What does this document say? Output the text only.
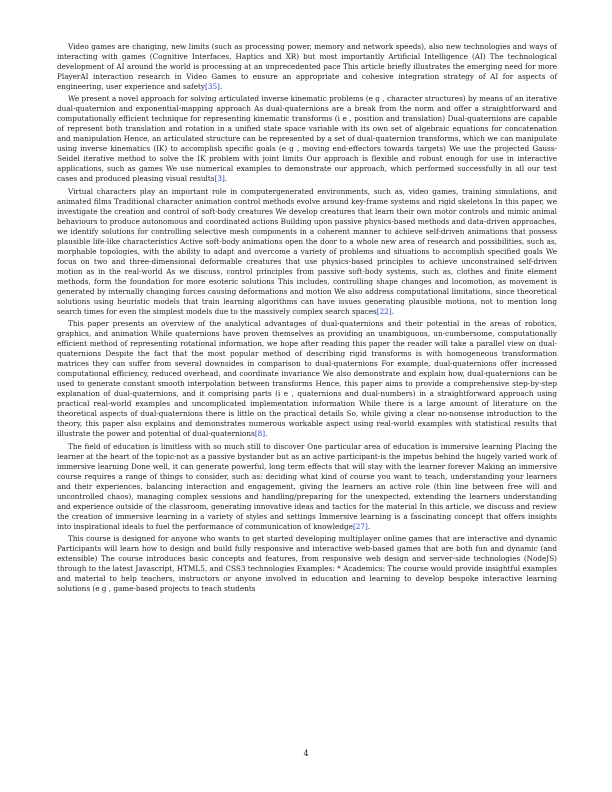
Video games are changing, new limits (such as processing power, memory and network speeds), also new technologies and ways of interacting with games (Cognitive Interfaces, Haptics and XR) but most importantly Artificial Intelligence (AI) The technological development of AI around the world is processing at an unprecedented pace This article briefly illustrates the emerging need for more PlayerAI interaction research in Video Games to ensure an appropriate and cohesive integration strategy of AI for aspects of engineering, user experience and safety[35].

We present a novel approach for solving articulated inverse kinematic problems (e g , character structures) by means of an iterative dual-quaternion and exponential-mapping approach As dual-quaternions are a break from the norm and offer a straightforward and computationally efficient technique for representing kinematic transforms (i e , position and translation) Dual-quaternions are capable of represent both translation and rotation in a unified state space variable with its own set of algebraic equations for concatenation and manipulation Hence, an articulated structure can be represented by a set of dual-quaternion transforms, which we can manipulate using inverse kinematics (IK) to accomplish specific goals (e g , moving end-effectors towards targets) We use the projected Gauss-Seidel iterative method to solve the IK problem with joint limits Our approach is flexible and robust enough for use in interactive applications, such as games We use numerical examples to demonstrate our approach, which performed successfully in all our test cases and produced pleasing visual results[3].

Virtual characters play an important role in computergenerated environments, such as, video games, training simulations, and animated films Traditional character animation control methods evolve around key-frame systems and rigid skeletons In this paper, we investigate the creation and control of soft-body creatures We develop creatures that learn their own motor controls and mimic animal behaviours to produce autonomous and coordinated actions Building upon passive physics-based methods and data-driven approaches, we identify solutions for controlling selective mesh components in a coherent manner to achieve self-driven animations that possess plausible life-like characteristics Active soft-body animations open the door to a whole new area of research and possibilities, such as, morphable topologies, with the ability to adapt and overcome a variety of problems and situations to accomplish specified goals We focus on two and three-dimensional deformable creatures that use physics-based principles to achieve unconstrained self-driven motion as in the real-world As we discuss, control principles from passive soft-body systems, such as, clothes and finite element methods, form the foundation for more esoteric solutions This includes, controlling shape changes and locomotion, as movement is generated by internally changing forces causing deformations and motion We also address computational limitations, since theoretical solutions using heuristic models that train learning algorithms can have issues generating plausible motions, not to mention long search times for even the simplest models due to the massively complex search spaces[22].

This paper presents an overview of the analytical advantages of dual-quaternions and their potential in the areas of robotics, graphics, and animation While quaternions have proven themselves as providing an unambiguous, un-cumbersome, computationally efficient method of representing rotational information, we hope after reading this paper the reader will take a parallel view on dual-quaternions Despite the fact that the most popular method of describing rigid transforms is with homogeneous transformation matrices they can suffer from several downsides in comparison to dual-quaternions For example, dual-quaternions offer increased computational efficiency, reduced overhead, and coordinate invariance We also demonstrate and explain how, dual-quaternions can be used to generate constant smooth interpolation between transforms Hence, this paper aims to provide a comprehensive step-by-step explanation of dual-quaternions, and it comprising parts (i e , quaternions and dual-numbers) in a straightforward approach using practical real-world examples and uncomplicated implementation information While there is a large amount of literature on the theoretical aspects of dual-quaternions there is little on the practical details So, while giving a clear no-nonsense introduction to the theory, this paper also explains and demonstrates numerous workable aspect using real-world examples with statistical results that illustrate the power and potential of dual-quaternions[8].

The field of education is limitless with so much still to discover One particular area of education is immersive learning Placing the learner at the heart of the topic-not as a passive bystander but as an active participant-is the impetus behind the hugely varied work of immersive learning Done well, it can generate powerful, long term effects that will stay with the learner forever Making an immersive course requires a range of things to consider, such as: deciding what kind of course you want to teach, understanding your learners and their experiences, balancing interaction and engagement, giving the learners an active role (thin line between free will and uncontrolled chaos), managing complex sessions and handling/preparing for the unexpected, extending the learners understanding and experience outside of the classroom, generating innovative ideas and tactics for the material In this article, we discuss and review the creation of immersive learning in a variety of styles and settings Immersive learning is a fascinating concept that offers insights into inspirational ideals to fuel the performance of communication of knowledge[27].

This course is designed for anyone who wants to get started developing multiplayer online games that are interactive and dynamic Participants will learn how to design and build fully responsive and interactive web-based games that are both fun and dynamic (and extensible) The course introduces basic concepts and features, from responsive web design and server-side technologies (NodeJS) through to the latest Javascript, HTML5, and CSS3 technologies Examples: * Academics: The course would provide insightful examples and material to help teachers, instructors or anyone involved in education and learning to develop bespoke interactive learning solutions (e g , game-based projects to teach students

4
